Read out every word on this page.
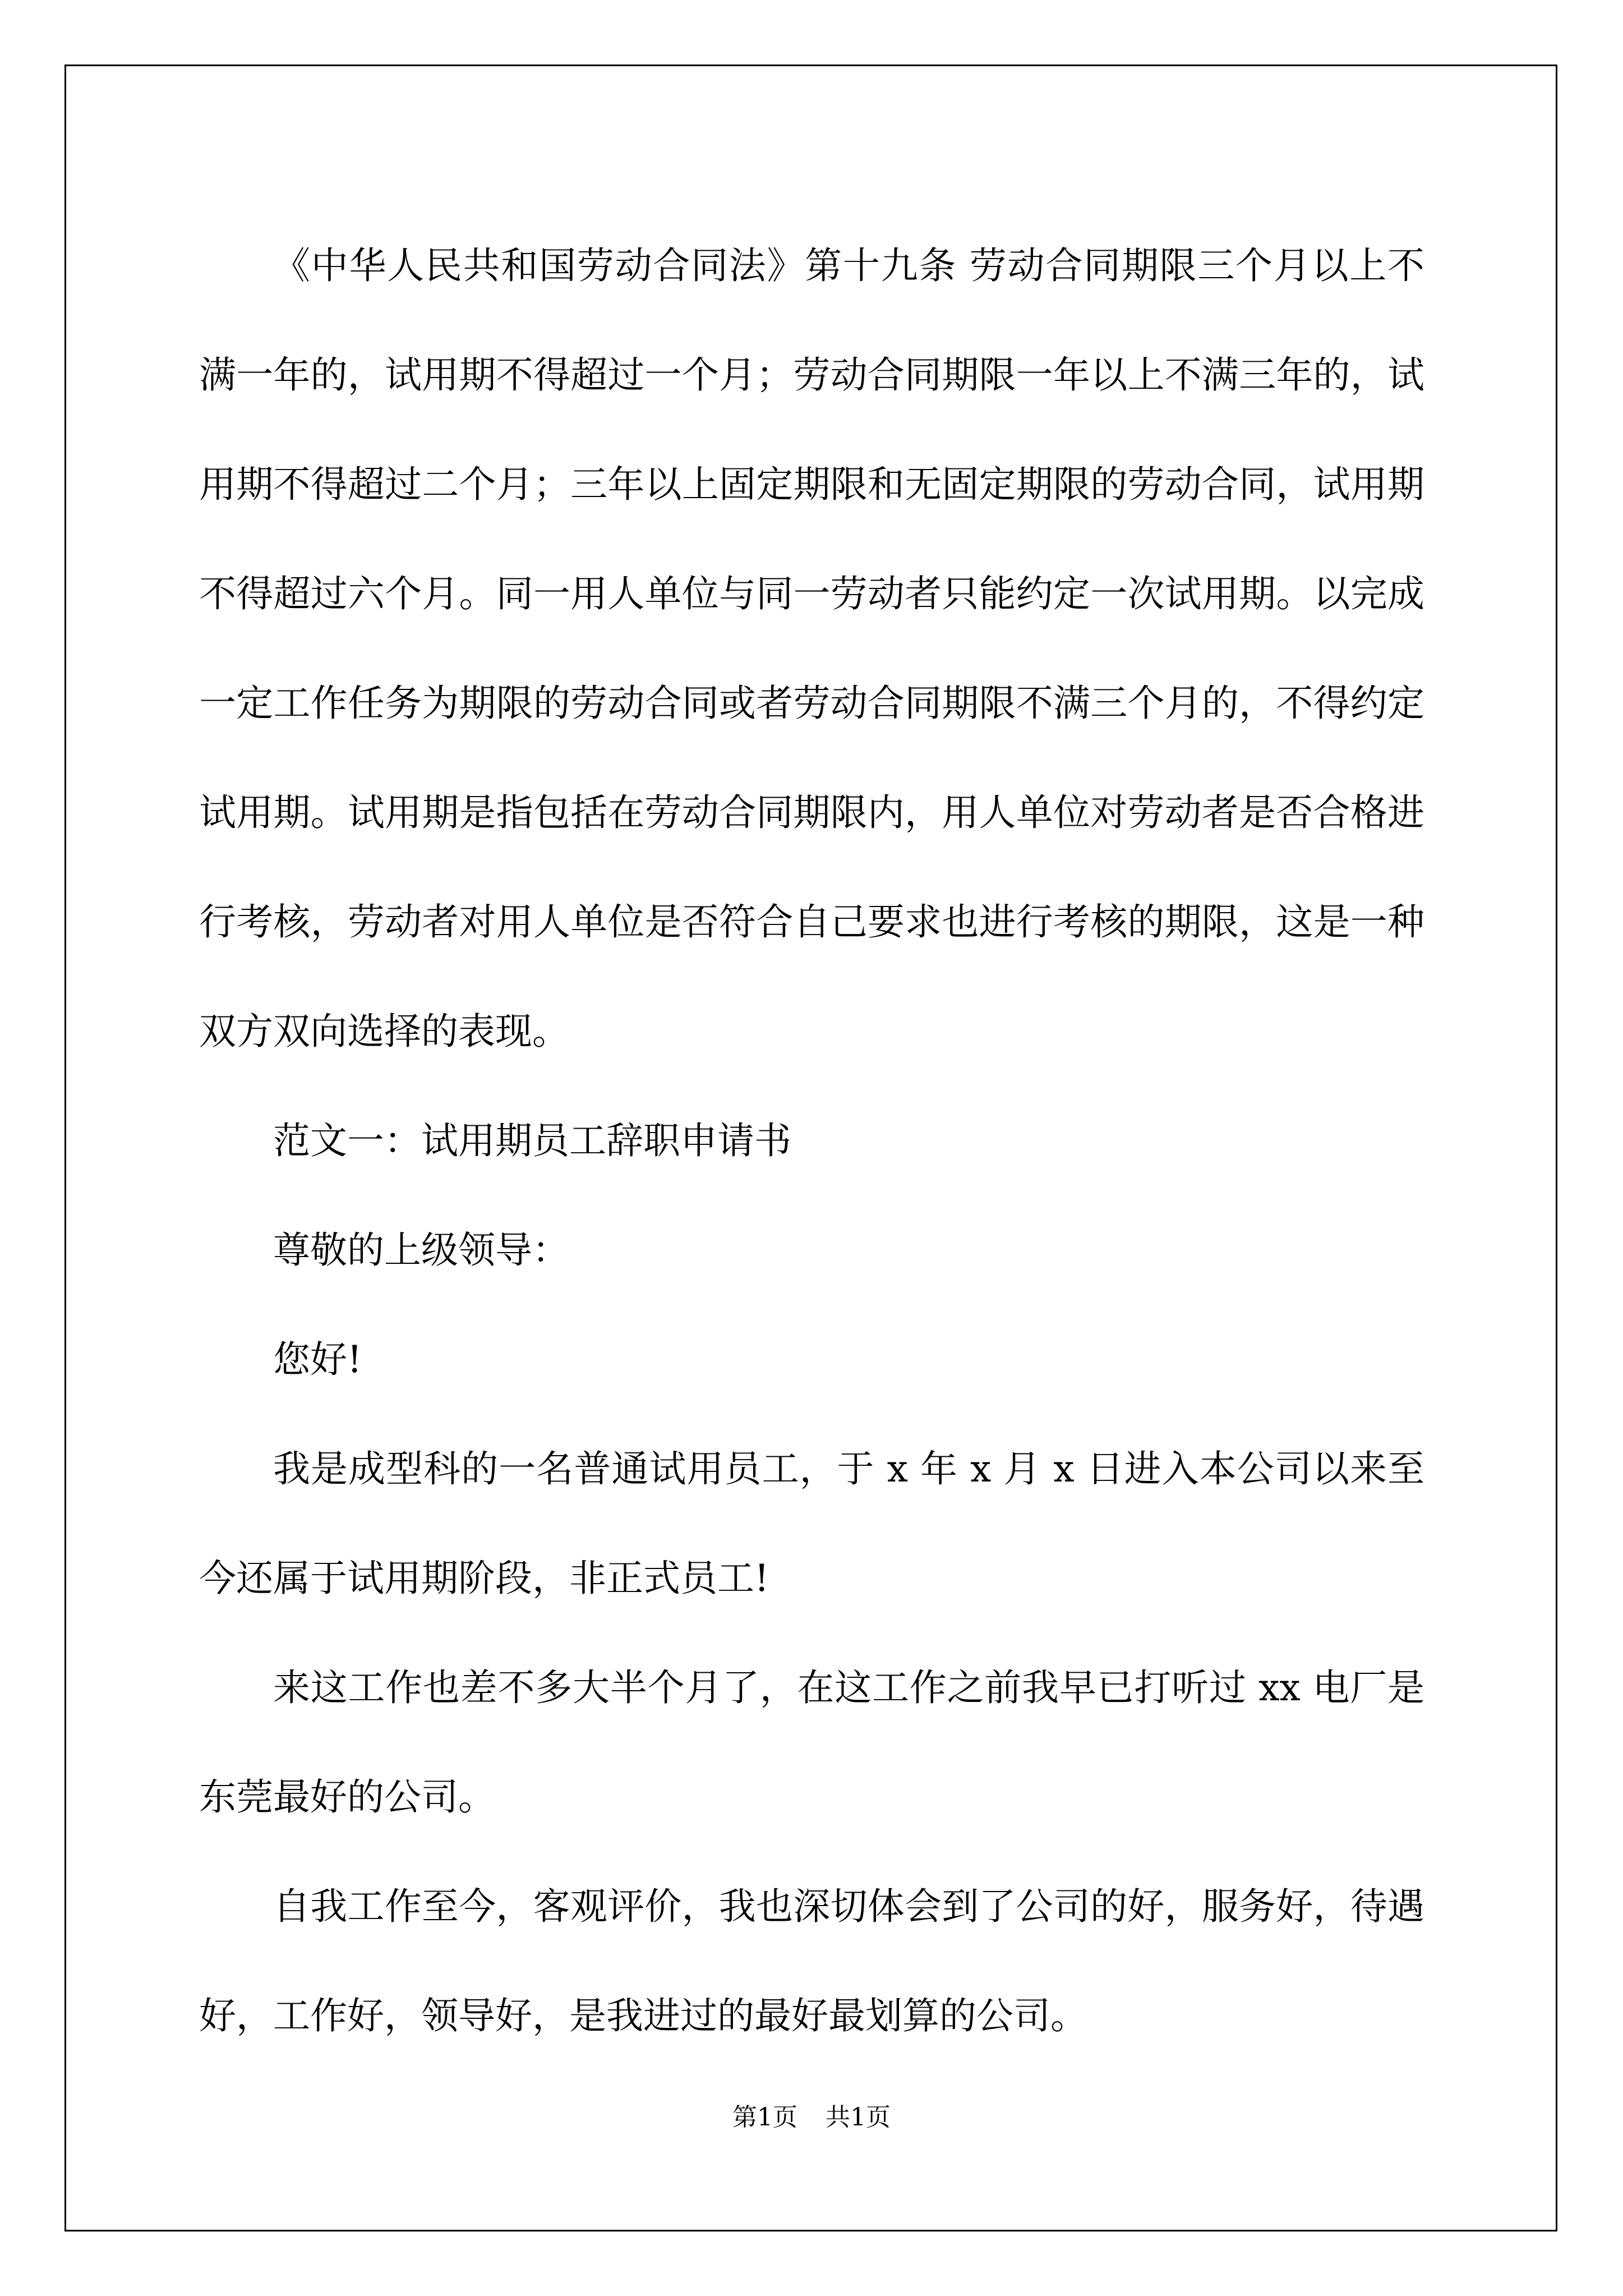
《中华人民共和国劳动合同法》第十九条 劳动合同期限三个月以上不满一年的，试用期不得超过一个月；劳动合同期限一年以上不满三年的，试用期不得超过二个月；三年以上固定期限和无固定期限的劳动合同，试用期不得超过六个月。同一用人单位与同一劳动者只能约定一次试用期。以完成一定工作任务为期限的劳动合同或者劳动合同期限不满三个月的，不得约定试用期。试用期是指包括在劳动合同期限内，用人单位对劳动者是否合格进行考核，劳动者对用人单位是否符合自己要求也进行考核的期限，这是一种双方双向选择的表现。

范文一：试用期员工辞职申请书

尊敬的上级领导：

您好!

我是成型科的一名普通试用员工，于 x 年 x 月 x 日进入本公司以来至今还属于试用期阶段，非正式员工!

来这工作也差不多大半个月了，在这工作之前我早已打听过 xx 电厂是东莞最好的公司。

自我工作至今，客观评价，我也深切体会到了公司的好，服务好，待遇好，工作好，领导好，是我进过的最好最划算的公司。

第1页 共1页
